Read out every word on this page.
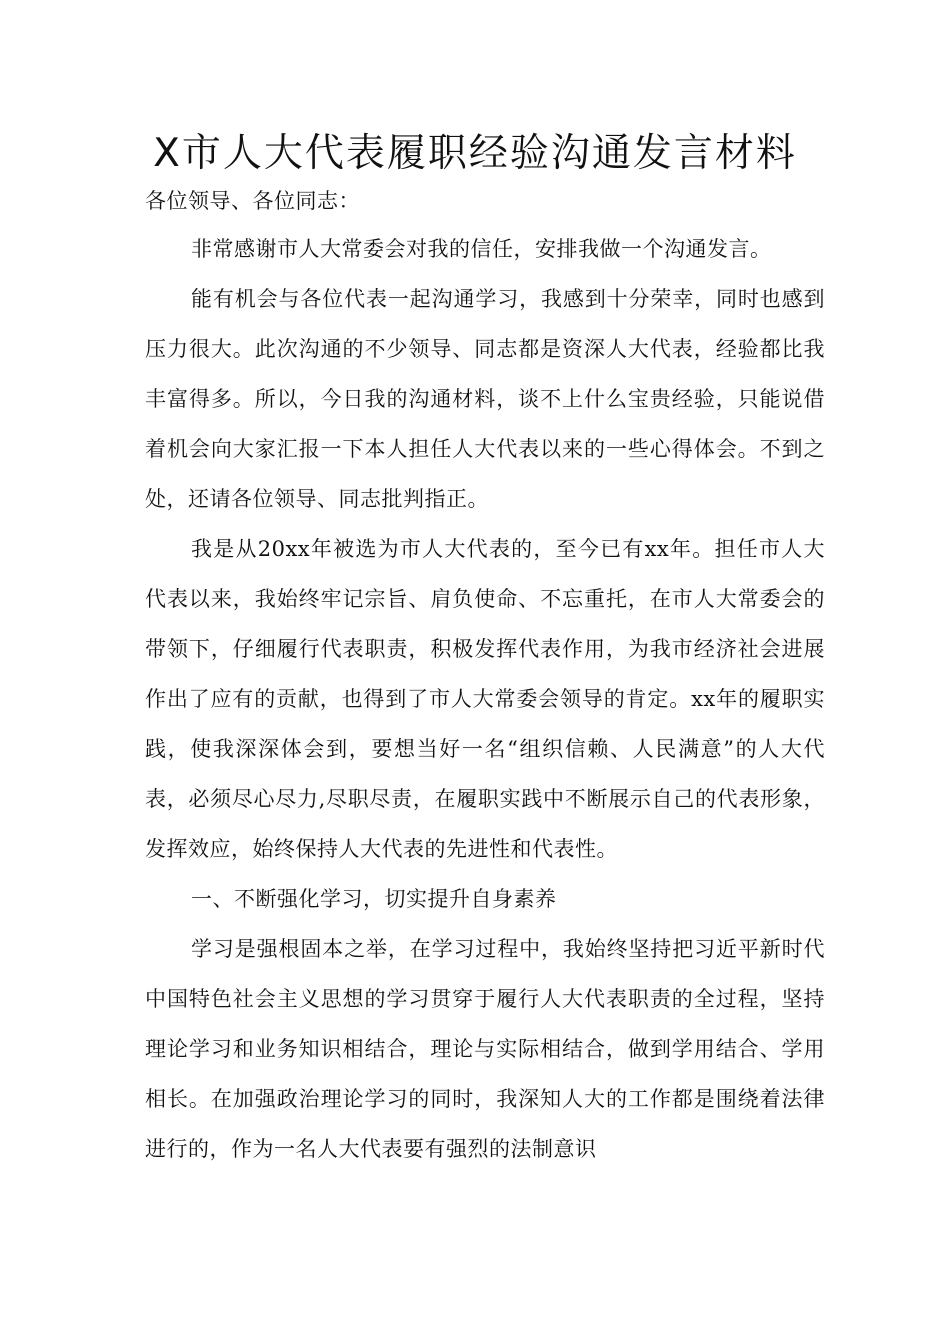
X市人大代表履职经验沟通发言材料

各位领导、各位同志：

非常感谢市人大常委会对我的信任，安排我做一个沟通发言。

能有机会与各位代表一起沟通学习，我感到十分荣幸，同时也感到压力很大。此次沟通的不少领导、同志都是资深人大代表，经验都比我丰富得多。所以，今日我的沟通材料，谈不上什么宝贵经验，只能说借着机会向大家汇报一下本人担任人大代表以来的一些心得体会。不到之处，还请各位领导、同志批判指正。

我是从20xx年被选为市人大代表的，至今已有xx年。担任市人大代表以来，我始终牢记宗旨、肩负使命、不忘重托，在市人大常委会的带领下，仔细履行代表职责，积极发挥代表作用，为我市经济社会进展作出了应有的贡献，也得到了市人大常委会领导的肯定。xx年的履职实践，使我深深体会到，要想当好一名“组织信赖、人民满意”的人大代表，必须尽心尽力,尽职尽责，在履职实践中不断展示自己的代表形象，发挥效应，始终保持人大代表的先进性和代表性。

一、不断强化学习，切实提升自身素养

学习是强根固本之举，在学习过程中，我始终坚持把习近平新时代中国特色社会主义思想的学习贯穿于履行人大代表职责的全过程，坚持理论学习和业务知识相结合，理论与实际相结合，做到学用结合、学用相长。在加强政治理论学习的同时，我深知人大的工作都是围绕着法律进行的，作为一名人大代表要有强烈的法制意识
